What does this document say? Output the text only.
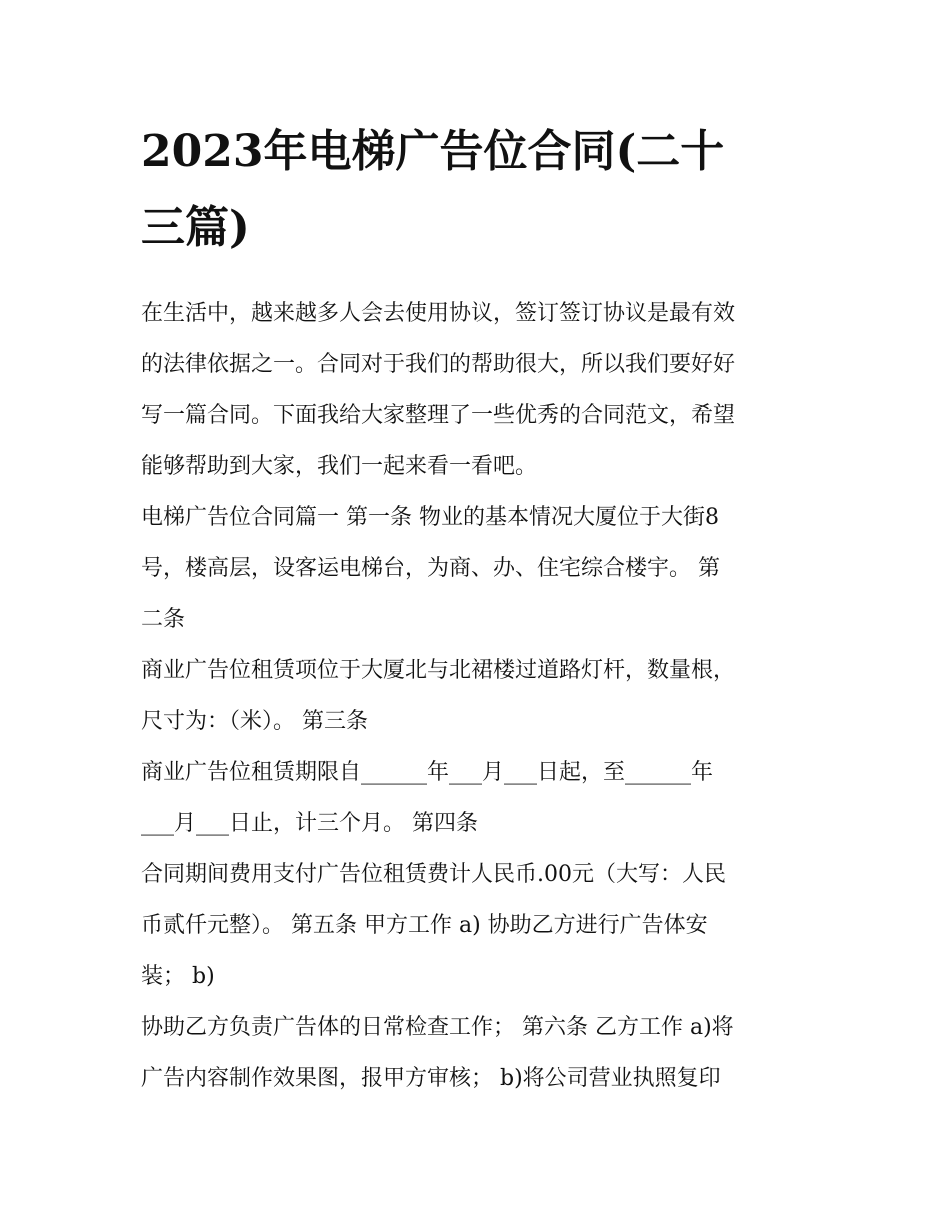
2023年电梯广告位合同(二十
三篇)

在生活中，越来越多人会去使用协议，签订签订协议是最有效
的法律依据之一。合同对于我们的帮助很大，所以我们要好好
写一篇合同。下面我给大家整理了一些优秀的合同范文，希望
能够帮助到大家，我们一起来看一看吧。

电梯广告位合同篇一 第一条 物业的基本情况大厦位于大街8
号，楼高层，设客运电梯台，为商、办、住宅综合楼宇。 第
二条

商业广告位租赁项位于大厦北与北裙楼过道路灯杆，数量根，
尺寸为：（米）。 第三条

商业广告位租赁期限自______年___月___日起，至______年
___月___日止，计三个月。 第四条

合同期间费用支付广告位租赁费计人民币.00元（大写：人民
币贰仟元整）。 第五条 甲方工作 a) 协助乙方进行广告体安
装； b)

协助乙方负责广告体的日常检查工作； 第六条 乙方工作 a)将
广告内容制作效果图，报甲方审核； b)将公司营业执照复印
